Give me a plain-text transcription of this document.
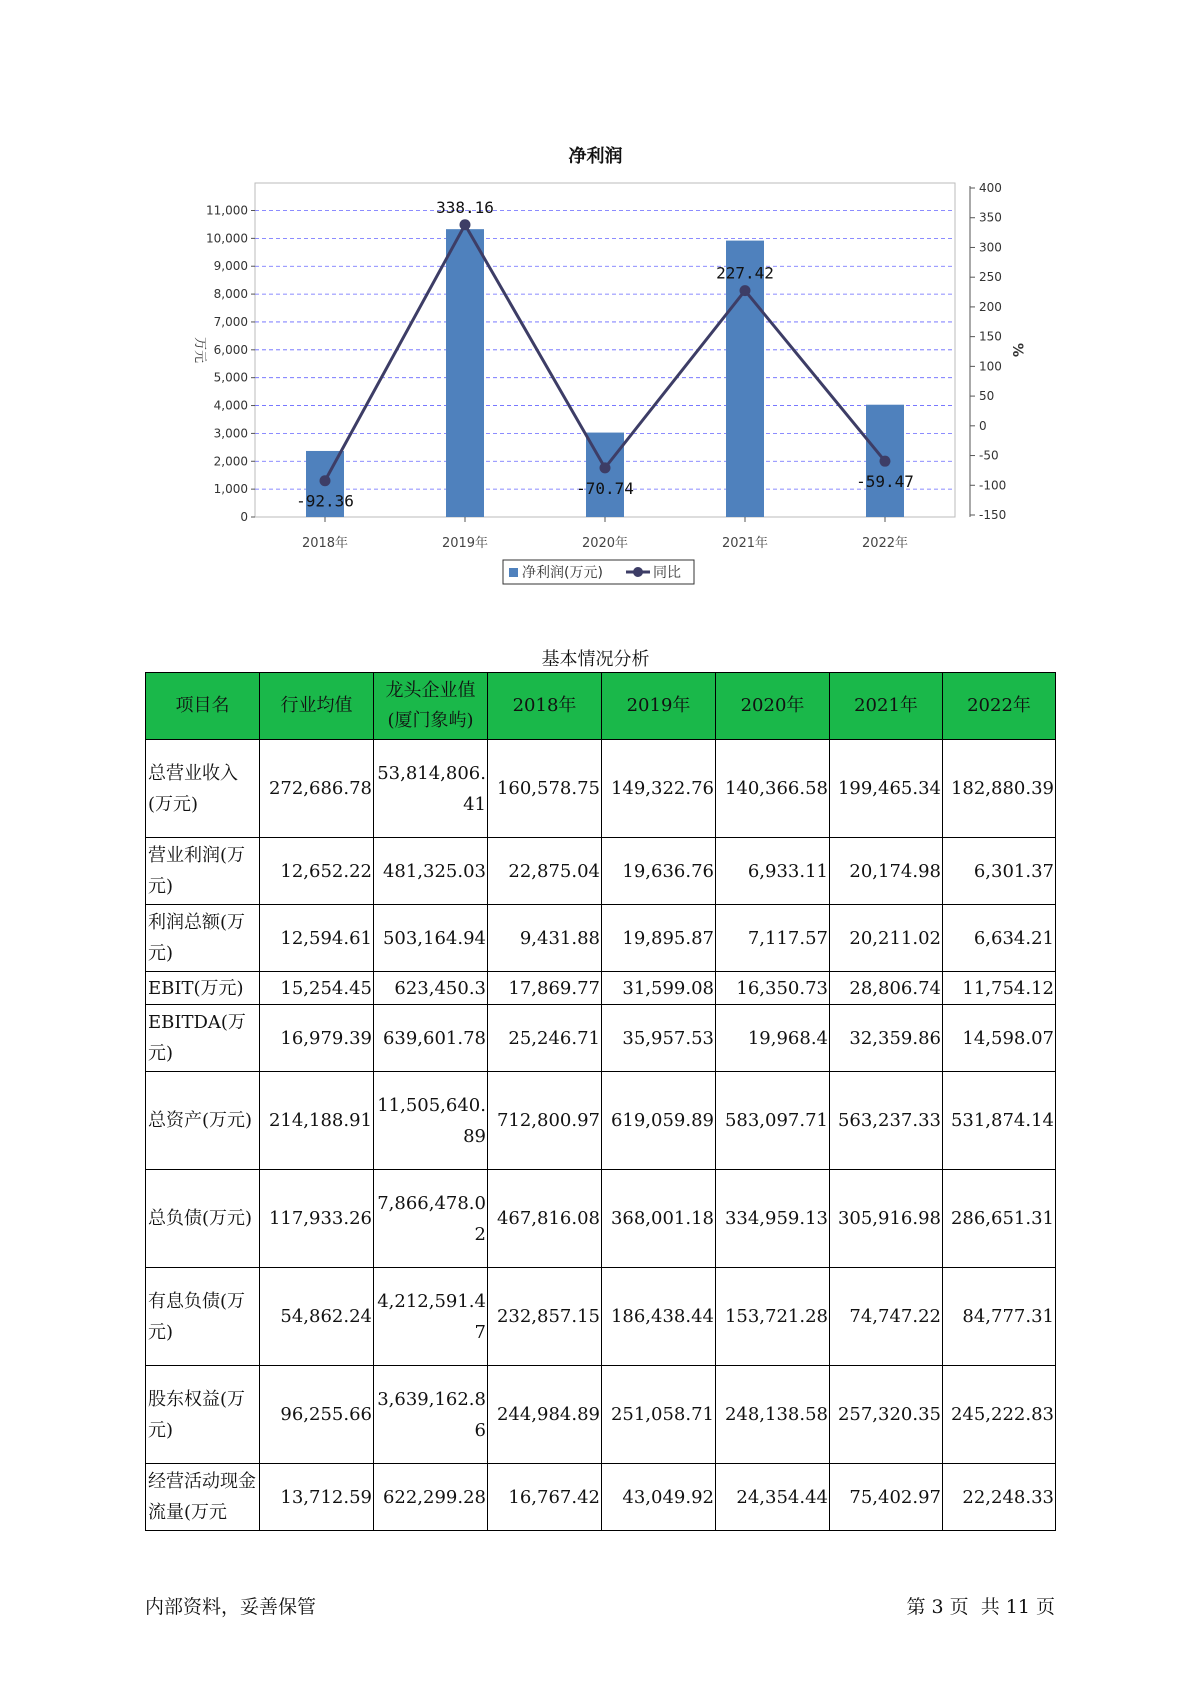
净利润
0
1,000
2,000
3,000
4,000
5,000
6,000
7,000
8,000
9,000
10,000
11,000
-150
-100
-50
0
50
100
150
200
250
300
350
400
万元	%
2018年	2019年	2020年	2021年	2022年
-92.36
338.16
-70.74
227.42
-59.47
净利润(万元)	同比
基本情况分析
项目名	行业均值	龙头企业值(厦门象屿)	2018年	2019年	2020年	2021年	2022年
总营业收入(万元)	272,686.78	53,814,806.41	160,578.75	149,322.76	140,366.58	199,465.34	182,880.39
营业利润(万元)	12,652.22	481,325.03	22,875.04	19,636.76	6,933.11	20,174.98	6,301.37
利润总额(万元)	12,594.61	503,164.94	9,431.88	19,895.87	7,117.57	20,211.02	6,634.21
EBIT(万元)	15,254.45	623,450.3	17,869.77	31,599.08	16,350.73	28,806.74	11,754.12
EBITDA(万元)	16,979.39	639,601.78	25,246.71	35,957.53	19,968.4	32,359.86	14,598.07
总资产(万元)	214,188.91	11,505,640.89	712,800.97	619,059.89	583,097.71	563,237.33	531,874.14
总负债(万元)	117,933.26	7,866,478.02	467,816.08	368,001.18	334,959.13	305,916.98	286,651.31
有息负债(万元)	54,862.24	4,212,591.47	232,857.15	186,438.44	153,721.28	74,747.22	84,777.31
股东权益(万元)	96,255.66	3,639,162.86	244,984.89	251,058.71	248,138.58	257,320.35	245,222.83
经营活动现金流量(万元	13,712.59	622,299.28	16,767.42	43,049.92	24,354.44	75,402.97	22,248.33
内部资料，妥善保管	第 3 页  共 11 页
